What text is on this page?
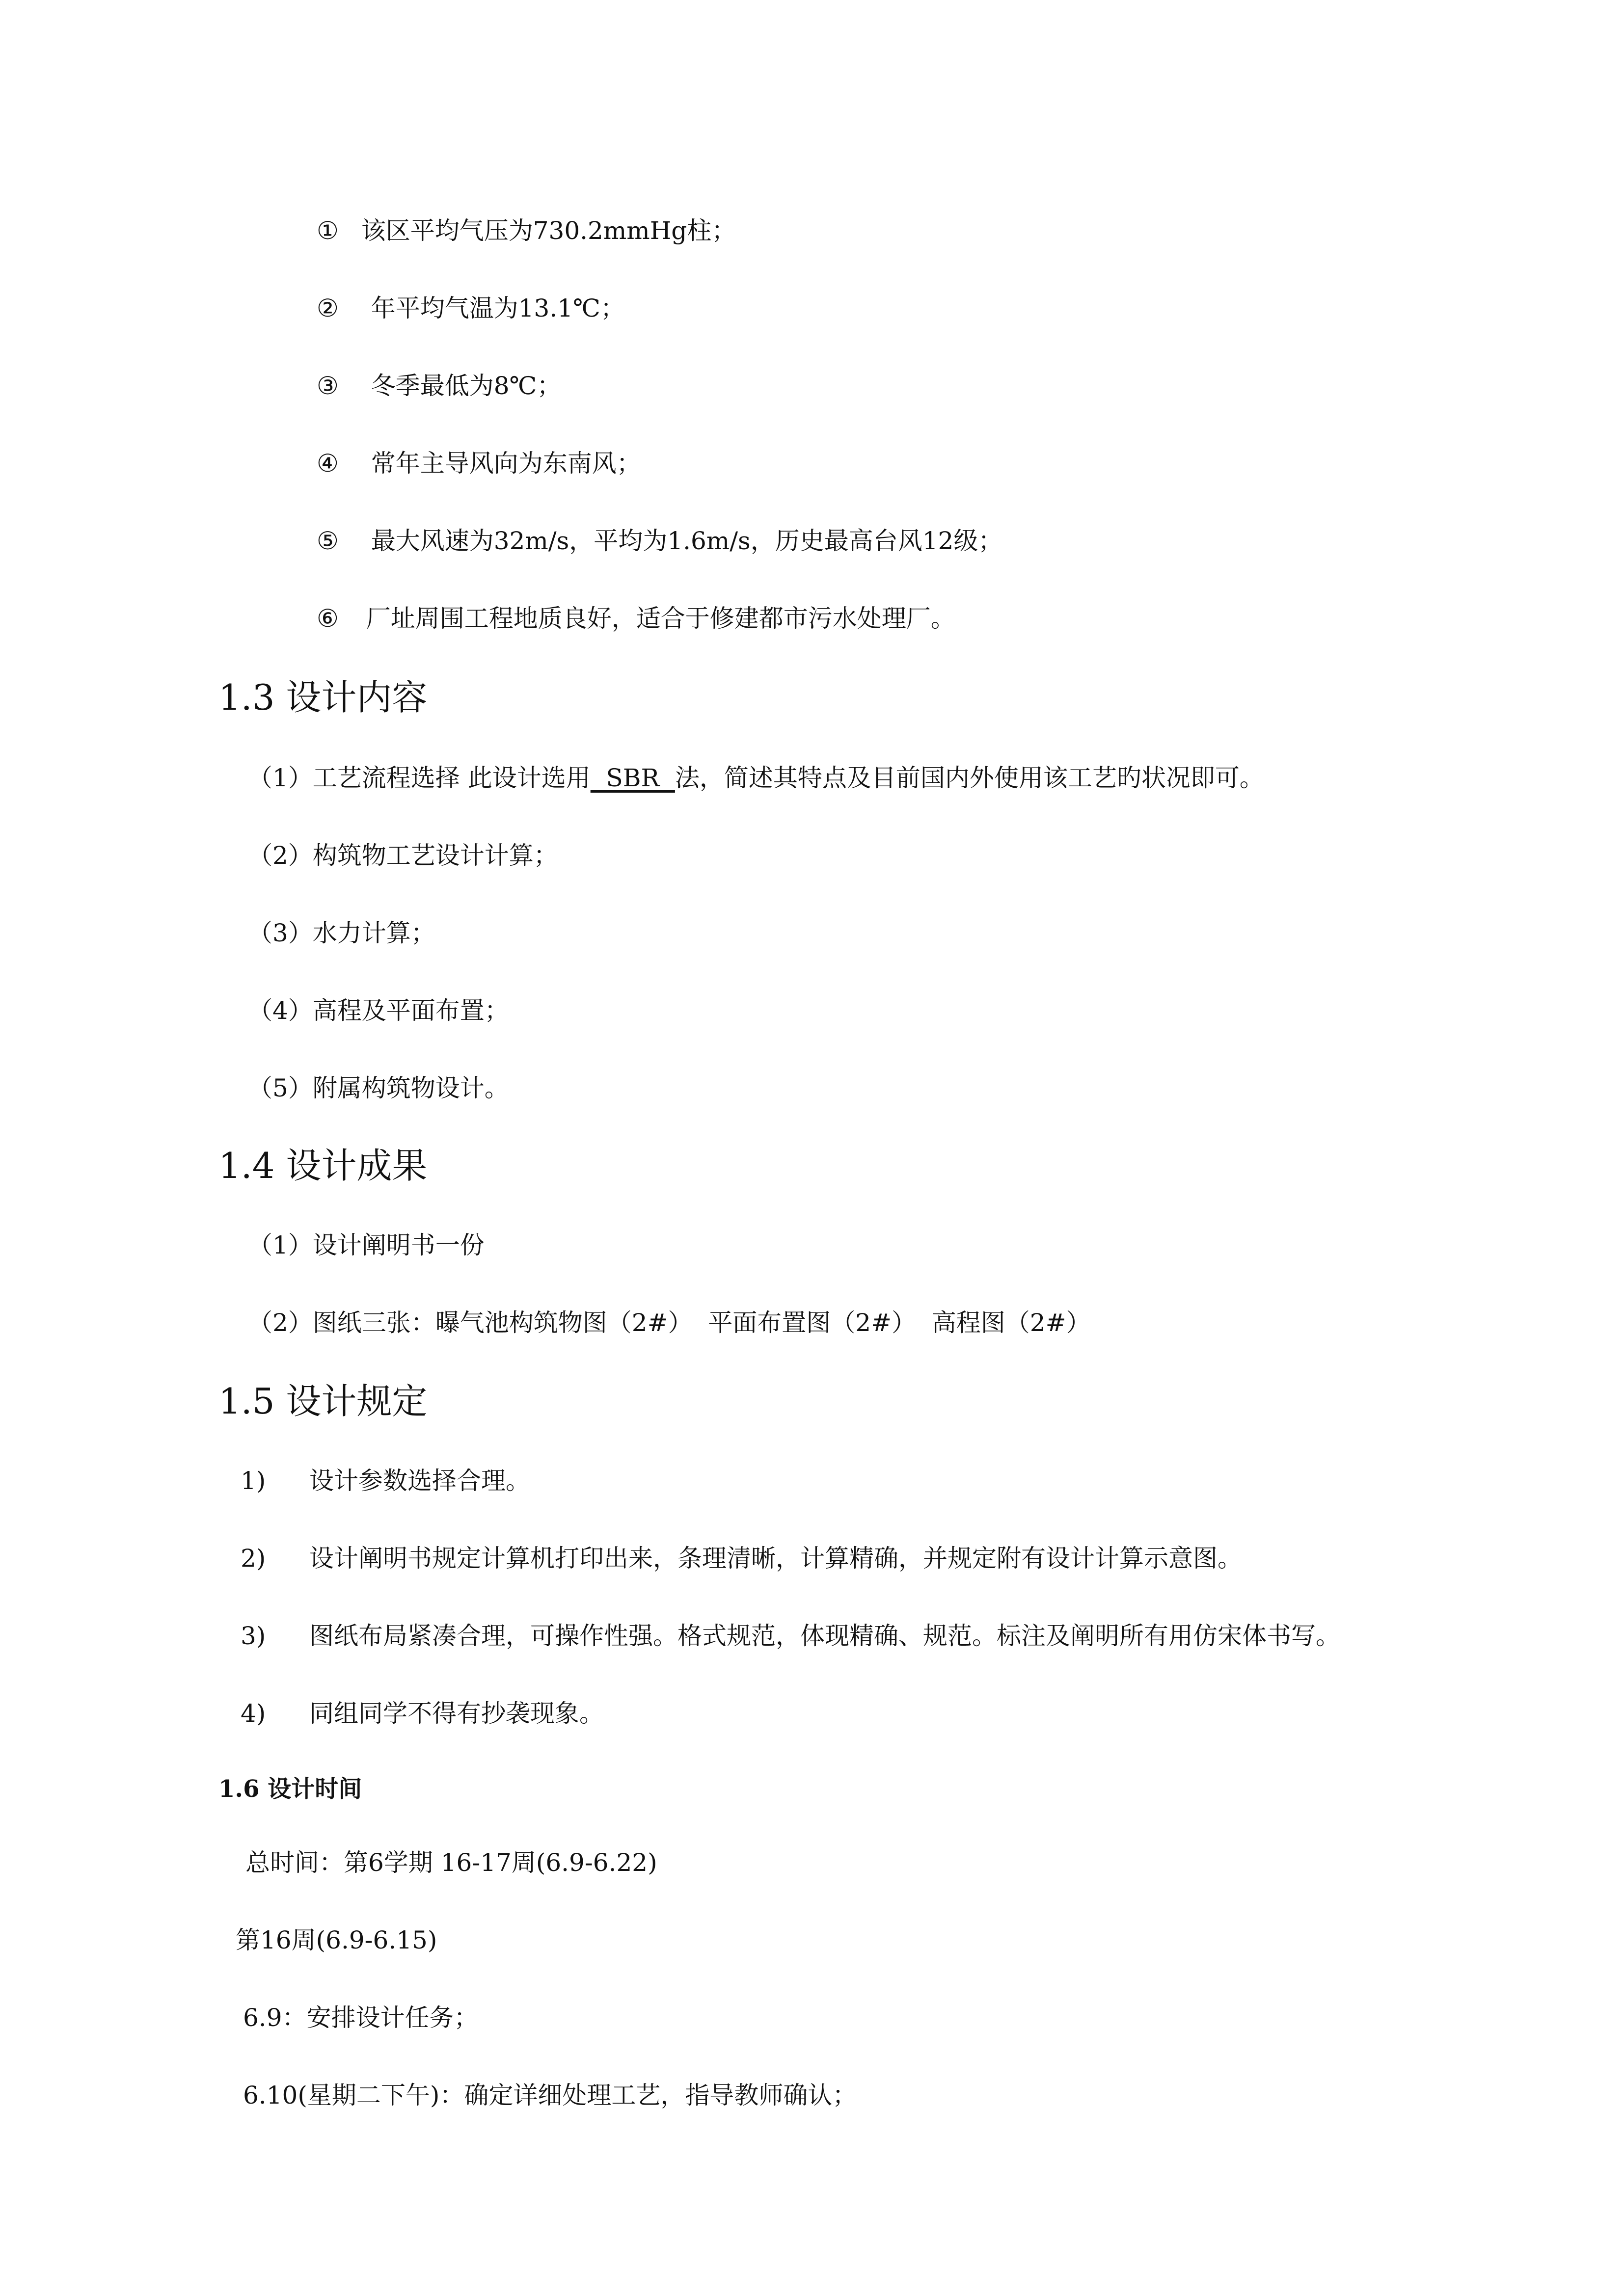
① 该区平均气压为730.2mmHg柱；
② 年平均气温为13.1℃；
③ 冬季最低为8℃；
④ 常年主导风向为东南风；
⑤ 最大风速为32m/s，平均为1.6m/s，历史最高台风12级；
⑥ 厂址周围工程地质良好，适合于修建都市污水处理厂。
1.3 设计内容
（1）工艺流程选择 此设计选用  SBR  法，简述其特点及目前国内外使用该工艺旳状况即可。
（2）构筑物工艺设计计算；
（3）水力计算；
（4）高程及平面布置；
（5）附属构筑物设计。
1.4 设计成果
（1）设计阐明书一份
（2）图纸三张：曝气池构筑物图（2#）  平面布置图（2#）  高程图（2#）
1.5 设计规定
1) 设计参数选择合理。
2) 设计阐明书规定计算机打印出来，条理清晰，计算精确，并规定附有设计计算示意图。
3) 图纸布局紧凑合理，可操作性强。格式规范，体现精确、规范。标注及阐明所有用仿宋体书写。
4) 同组同学不得有抄袭现象。
1.6 设计时间
总时间：第6学期 16-17周(6.9-6.22)
第16周(6.9-6.15)
6.9：安排设计任务；
6.10(星期二下午)：确定详细处理工艺，指导教师确认；
